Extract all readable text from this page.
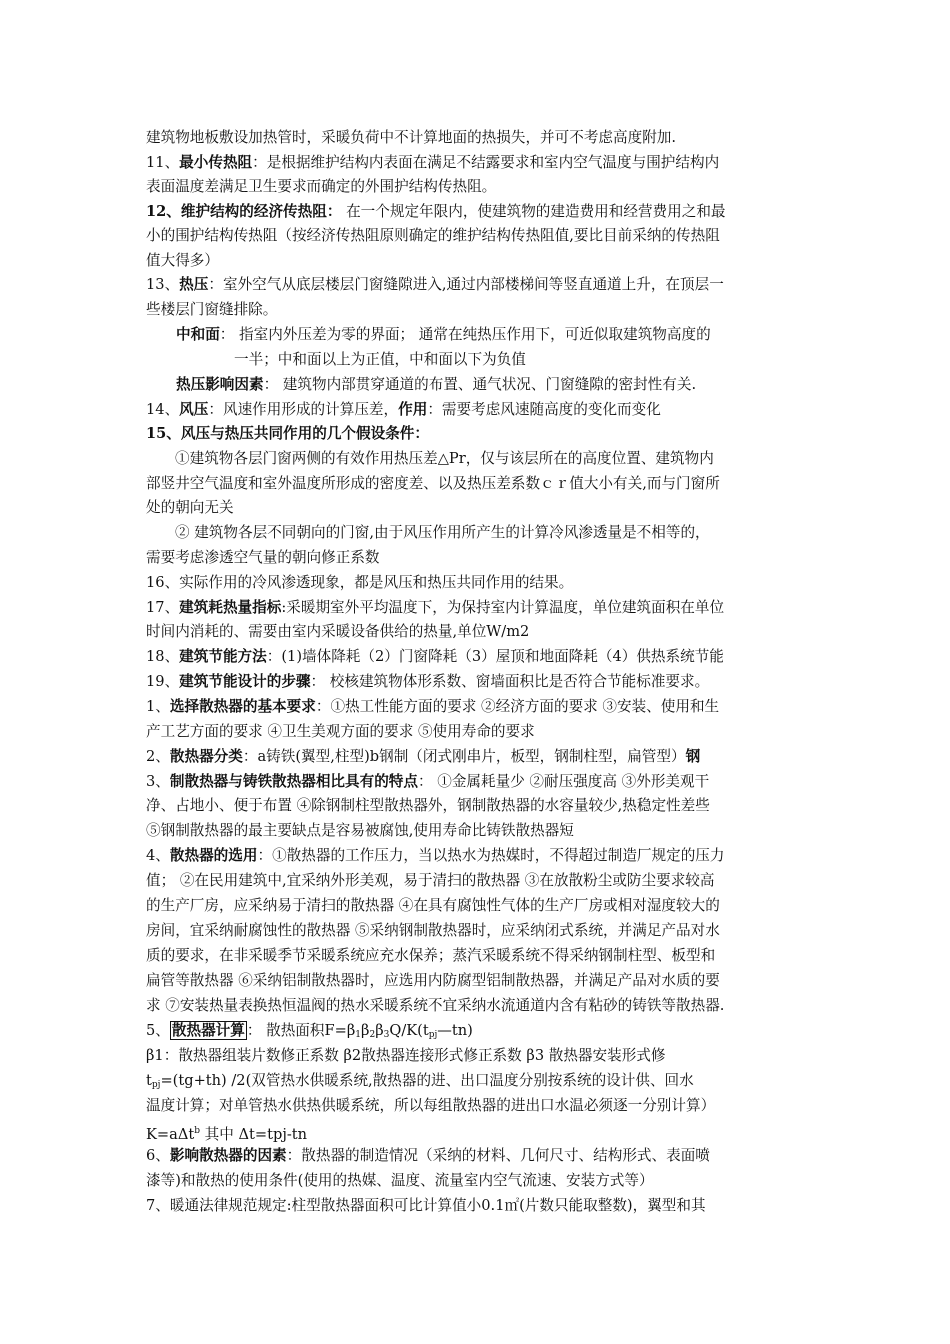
建筑物地板敷设加热管时，采暖负荷中不计算地面的热损失，并可不考虑高度附加.
11、最小传热阻：是根据维护结构内表面在满足不结露要求和室内空气温度与围护结构内
表面温度差满足卫生要求而确定的外围护结构传热阻。
12、维护结构的经济传热阻： 在一个规定年限内，使建筑物的建造费用和经营费用之和最
小的围护结构传热阻（按经济传热阻原则确定的维护结构传热阻值,要比目前采纳的传热阻
值大得多）
13、热压：室外空气从底层楼层门窗缝隙进入,通过内部楼梯间等竖直通道上升，在顶层一
些楼层门窗缝排除。
中和面： 指室内外压差为零的界面； 通常在纯热压作用下，可近似取建筑物高度的
一半；中和面以上为正值，中和面以下为负值
热压影响因素： 建筑物内部贯穿通道的布置、通气状况、门窗缝隙的密封性有关.
14、风压：风速作用形成的计算压差，作用：需要考虑风速随高度的变化而变化
15、风压与热压共同作用的几个假设条件：
①建筑物各层门窗两侧的有效作用热压差△Pr，仅与该层所在的高度位置、建筑物内
部竖井空气温度和室外温度所形成的密度差、以及热压差系数ｃｒ值大小有关,而与门窗所
处的朝向无关
② 建筑物各层不同朝向的门窗,由于风压作用所产生的计算冷风渗透量是不相等的，
需要考虑渗透空气量的朝向修正系数
16、实际作用的冷风渗透现象，都是风压和热压共同作用的结果。
17、建筑耗热量指标:采暖期室外平均温度下，为保持室内计算温度，单位建筑面积在单位
时间内消耗的、需要由室内采暖设备供给的热量,单位W/m2
18、建筑节能方法：(1)墙体降耗（2）门窗降耗（3）屋顶和地面降耗（4）供热系统节能
19、建筑节能设计的步骤： 校核建筑物体形系数、窗墙面积比是否符合节能标准要求。
1、选择散热器的基本要求：①热工性能方面的要求 ②经济方面的要求 ③安装、使用和生
产工艺方面的要求 ④卫生美观方面的要求 ⑤使用寿命的要求
2、散热器分类：a铸铁(翼型,柱型)b钢制（闭式刚串片，板型，钢制柱型，扁管型）钢
3、制散热器与铸铁散热器相比具有的特点： ①金属耗量少 ②耐压强度高 ③外形美观干
净、占地小、便于布置 ④除钢制柱型散热器外，钢制散热器的水容量较少,热稳定性差些
⑤钢制散热器的最主要缺点是容易被腐蚀,使用寿命比铸铁散热器短
4、散热器的选用：①散热器的工作压力，当以热水为热媒时，不得超过制造厂规定的压力
值； ②在民用建筑中,宜采纳外形美观，易于清扫的散热器 ③在放散粉尘或防尘要求较高
的生产厂房，应采纳易于清扫的散热器 ④在具有腐蚀性气体的生产厂房或相对湿度较大的
房间，宜采纳耐腐蚀性的散热器 ⑤采纳钢制散热器时，应采纳闭式系统，并满足产品对水
质的要求，在非采暖季节采暖系统应充水保养；蒸汽采暖系统不得采纳钢制柱型、板型和
扁管等散热器 ⑥采纳铝制散热器时，应选用内防腐型铝制散热器，并满足产品对水质的要
求 ⑦安装热量表换热恒温阀的热水采暖系统不宜采纳水流通道内含有粘砂的铸铁等散热器.
5、 散热器计算 ： 散热面积$F=\beta_1\beta_2\beta_3Q/K(t_{pj}—tn)$
β1：散热器组装片数修正系数 β2散热器连接形式修正系数 β3 散热器安装形式修
$t_{pj}=(tg+th)$ /2(双管热水供暖系统,散热器的进、出口温度分别按系统的设计供、回水
温度计算；对单管热水供热供暖系统，所以每组散热器的进出口水温必须逐一分别计算）
K=aΔt$^b$ 其中 Δt=tpj-tn
6、影响散热器的因素：散热器的制造情况（采纳的材料、几何尺寸、结构形式、表面喷
漆等)和散热的使用条件(使用的热媒、温度、流量室内空气流速、安装方式等）
7、暖通法律规范规定:柱型散热器面积可比计算值小0.1㎡(片数只能取整数)，翼型和其
